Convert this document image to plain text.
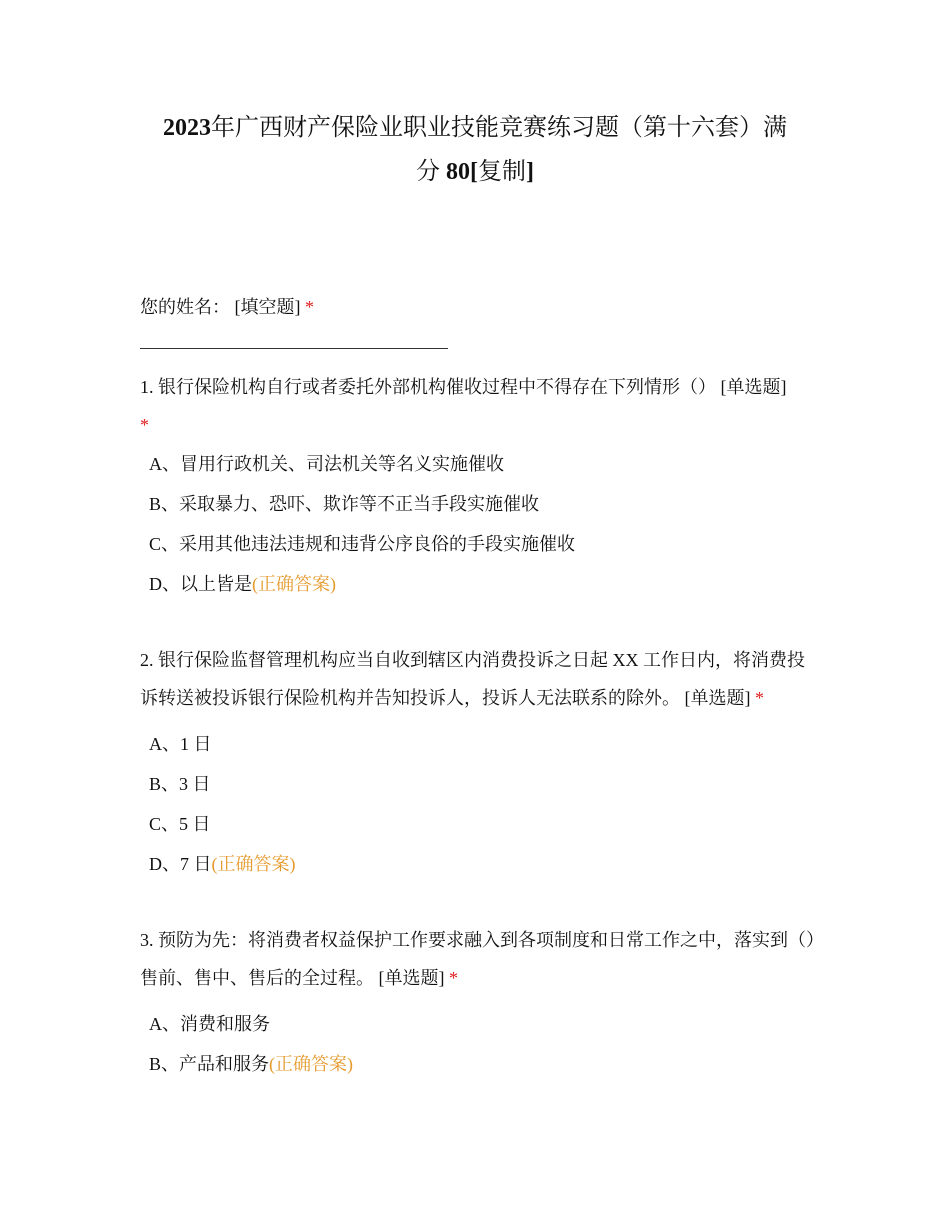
2023年广西财产保险业职业技能竞赛练习题（第十六套）满
分 80[复制]
您的姓名： [填空题] *
1. 银行保险机构自行或者委托外部机构催收过程中不得存在下列情形（） [单选题]
*
A、冒用行政机关、司法机关等名义实施催收
B、采取暴力、恐吓、欺诈等不正当手段实施催收
C、采用其他违法违规和违背公序良俗的手段实施催收
D、以上皆是(正确答案)
2. 银行保险监督管理机构应当自收到辖区内消费投诉之日起 XX 工作日内，将消费投诉转送被投诉银行保险机构并告知投诉人，投诉人无法联系的除外。 [单选题] *
A、1 日
B、3 日
C、5 日
D、7 日(正确答案)
3. 预防为先：将消费者权益保护工作要求融入到各项制度和日常工作之中，落实到（）售前、售中、售后的全过程。 [单选题] *
A、消费和服务
B、产品和服务(正确答案)
